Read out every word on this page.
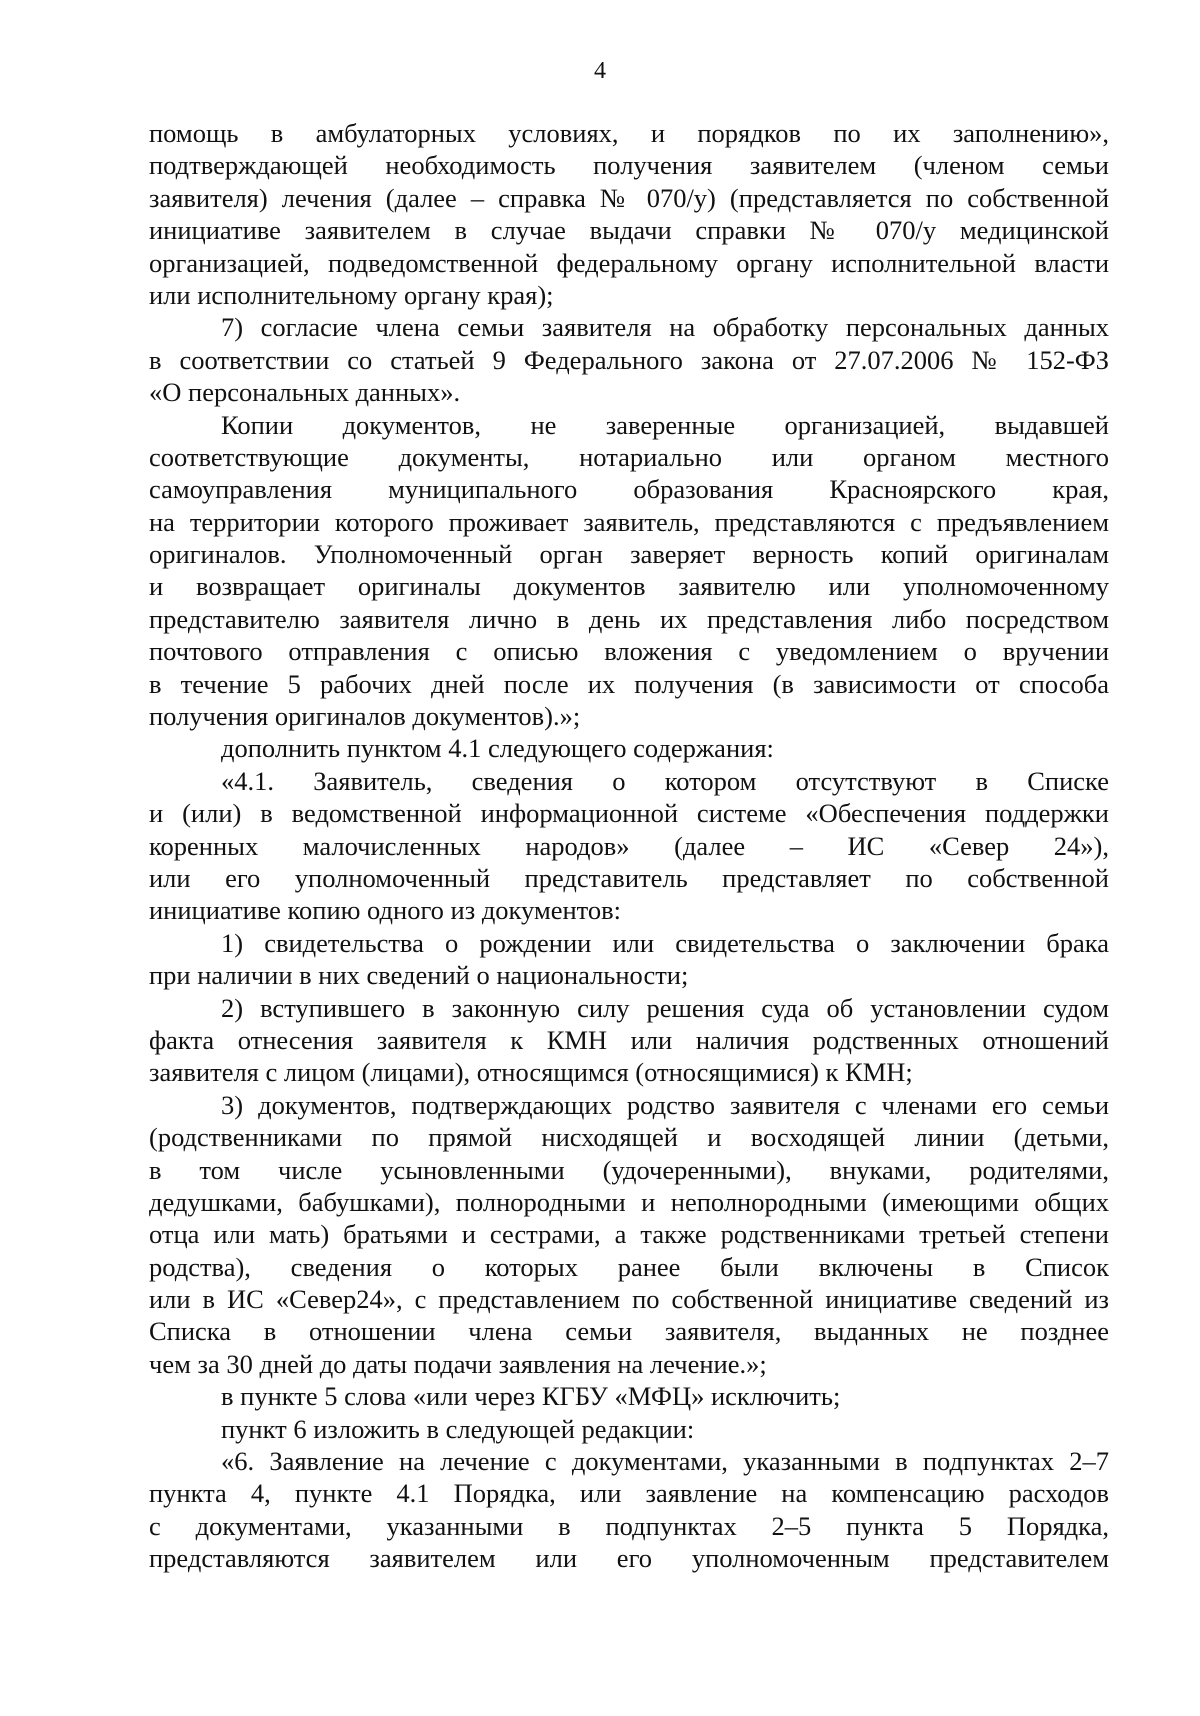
4
помощь в амбулаторных условиях, и порядков по их заполнению»,
подтверждающей необходимость получения заявителем (членом семьи
заявителя) лечения (далее – справка № 070/у) (представляется по собственной
инициативе заявителем в случае выдачи справки № 070/у медицинской
организацией, подведомственной федеральному органу исполнительной власти
или исполнительному органу края);
7) согласие члена семьи заявителя на обработку персональных данных
в соответствии со статьей 9 Федерального закона от 27.07.2006 № 152-ФЗ
«О персональных данных».
Копии документов, не заверенные организацией, выдавшей
соответствующие документы, нотариально или органом местного
самоуправления муниципального образования Красноярского края,
на территории которого проживает заявитель, представляются с предъявлением
оригиналов. Уполномоченный орган заверяет верность копий оригиналам
и возвращает оригиналы документов заявителю или уполномоченному
представителю заявителя лично в день их представления либо посредством
почтового отправления с описью вложения с уведомлением о вручении
в течение 5 рабочих дней после их получения (в зависимости от способа
получения оригиналов документов).»;
дополнить пунктом 4.1 следующего содержания:
«4.1. Заявитель, сведения о котором отсутствуют в Списке
и (или) в ведомственной информационной системе «Обеспечения поддержки
коренных малочисленных народов» (далее – ИС «Север 24»),
или его уполномоченный представитель представляет по собственной
инициативе копию одного из документов:
1) свидетельства о рождении или свидетельства о заключении брака
при наличии в них сведений о национальности;
2) вступившего в законную силу решения суда об установлении судом
факта отнесения заявителя к КМН или наличия родственных отношений
заявителя с лицом (лицами), относящимся (относящимися) к КМН;
3) документов, подтверждающих родство заявителя с членами его семьи
(родственниками по прямой нисходящей и восходящей линии (детьми,
в том числе усыновленными (удочеренными), внуками, родителями,
дедушками, бабушками), полнородными и неполнородными (имеющими общих
отца или мать) братьями и сестрами, а также родственниками третьей степени
родства), сведения о которых ранее были включены в Список
или в ИС «Север24», с представлением по собственной инициативе сведений из
Списка в отношении члена семьи заявителя, выданных не позднее
чем за 30 дней до даты подачи заявления на лечение.»;
в пункте 5 слова «или через КГБУ «МФЦ» исключить;
пункт 6 изложить в следующей редакции:
«6. Заявление на лечение с документами, указанными в подпунктах 2–7
пункта 4, пункте 4.1 Порядка, или заявление на компенсацию расходов
с документами, указанными в подпунктах 2–5 пункта 5 Порядка,
представляются заявителем или его уполномоченным представителем
